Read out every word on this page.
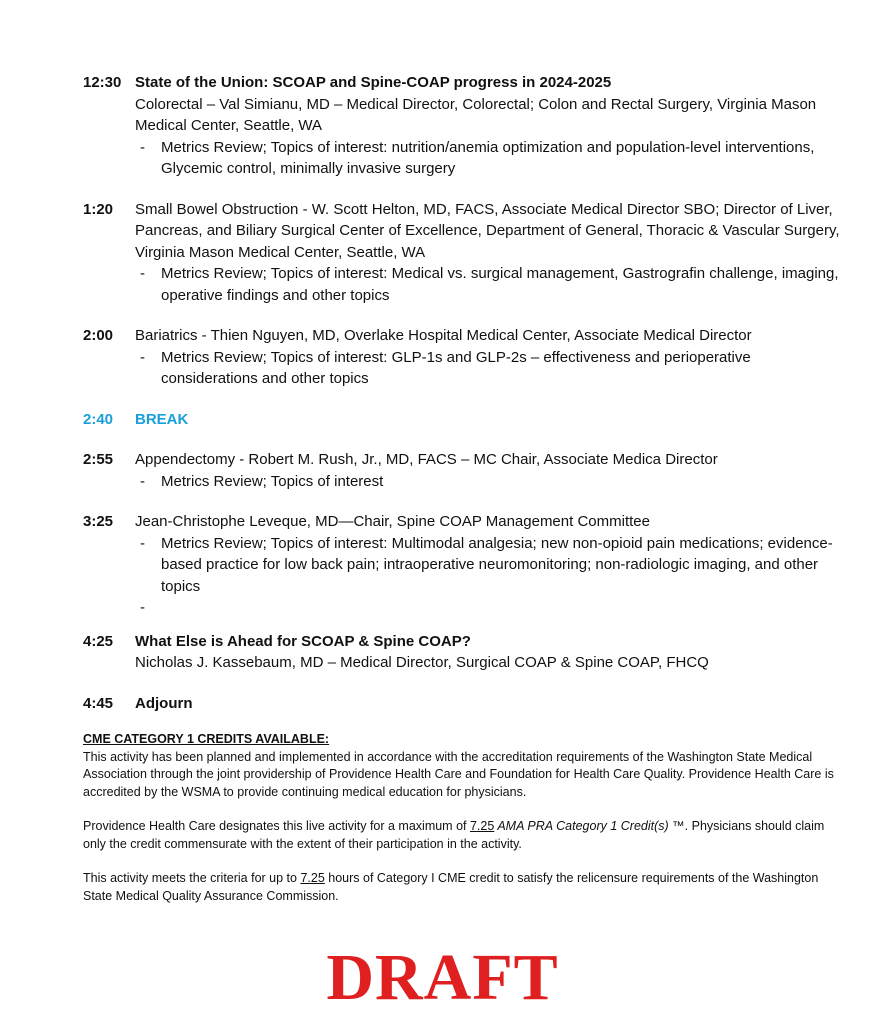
12:30 State of the Union: SCOAP and Spine-COAP progress in 2024-2025
Colorectal – Val Simianu, MD – Medical Director, Colorectal; Colon and Rectal Surgery, Virginia Mason Medical Center, Seattle, WA
- Metrics Review; Topics of interest: nutrition/anemia optimization and population-level interventions, Glycemic control, minimally invasive surgery
1:20	Small Bowel Obstruction - W. Scott Helton, MD, FACS, Associate Medical Director SBO; Director of Liver, Pancreas, and Biliary Surgical Center of Excellence, Department of General, Thoracic & Vascular Surgery, Virginia Mason Medical Center, Seattle, WA
- Metrics Review; Topics of interest: Medical vs. surgical management, Gastrografin challenge, imaging, operative findings and other topics
2:00	Bariatrics - Thien Nguyen, MD, Overlake Hospital Medical Center, Associate Medical Director
- Metrics Review; Topics of interest: GLP-1s and GLP-2s – effectiveness and perioperative considerations and other topics
2:40	BREAK
2:55	Appendectomy - Robert M. Rush, Jr., MD, FACS – MC Chair, Associate Medica Director
- Metrics Review; Topics of interest
3:25	Jean-Christophe Leveque, MD—Chair, Spine COAP Management Committee
- Metrics Review; Topics of interest: Multimodal analgesia; new non-opioid pain medications; evidence-based practice for low back pain; intraoperative neuromonitoring; non-radiologic imaging, and other topics
-
4:25	What Else is Ahead for SCOAP & Spine COAP?
Nicholas J. Kassebaum, MD – Medical Director, Surgical COAP & Spine COAP, FHCQ
4:45	Adjourn
CME CATEGORY 1 CREDITS AVAILABLE:

This activity has been planned and implemented in accordance with the accreditation requirements of the Washington State Medical Association through the joint providership of Providence Health Care and Foundation for Health Care Quality. Providence Health Care is accredited by the WSMA to provide continuing medical education for physicians.

Providence Health Care designates this live activity for a maximum of 7.25 AMA PRA Category 1 Credit(s) ™. Physicians should claim only the credit commensurate with the extent of their participation in the activity.

This activity meets the criteria for up to 7.25 hours of Category I CME credit to satisfy the relicensure requirements of the Washington State Medical Quality Assurance Commission.

DRAFT
